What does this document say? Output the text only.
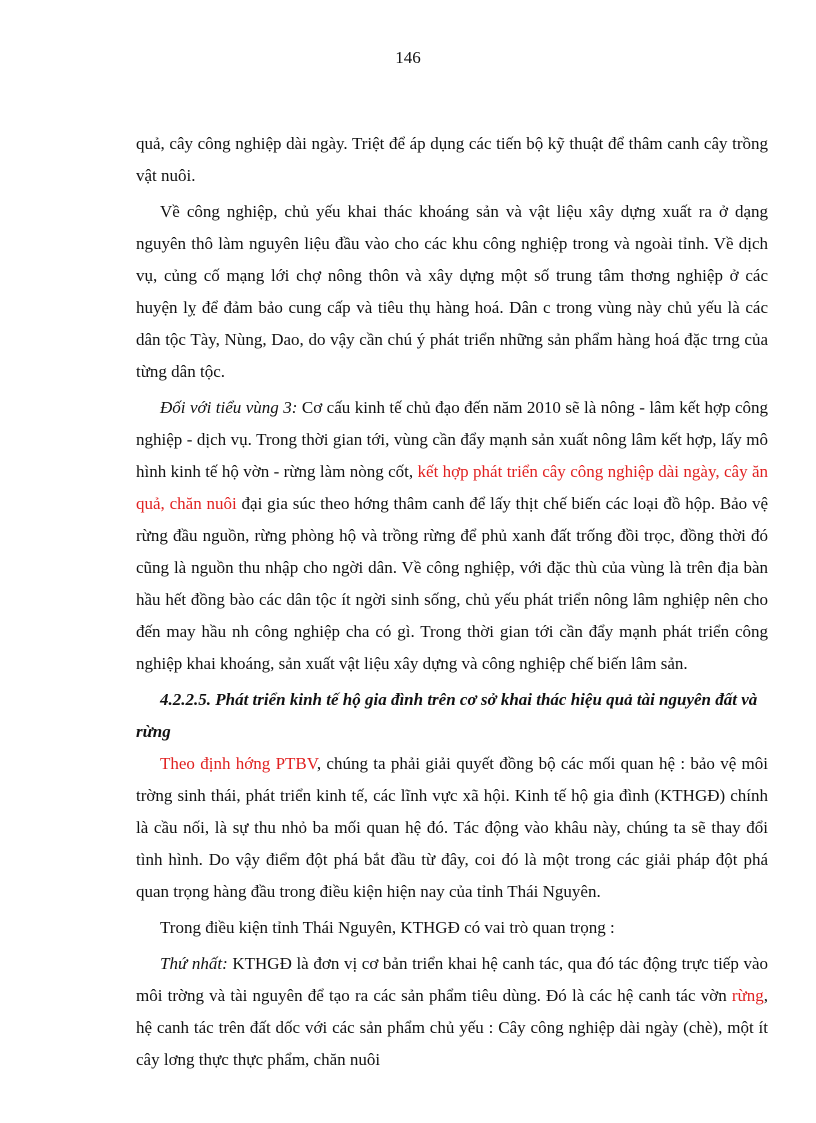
146

quả, cây công nghiệp dài ngày. Triệt để áp dụng các tiến bộ kỹ thuật để thâm canh cây trồng vật nuôi.

Về công nghiệp, chủ yếu khai thác khoáng sản và vật liệu xây dựng xuất ra ở dạng nguyên thô làm nguyên liệu đầu vào cho các khu công nghiệp trong và ngoài tỉnh. Về dịch vụ, củng cố mạng lới chợ nông thôn và xây dựng một số trung tâm thơng nghiệp ở các huyện lỵ để đảm bảo cung cấp và tiêu thụ hàng hoá. Dân c trong vùng này chủ yếu là các dân tộc Tày, Nùng, Dao, do vậy cần chú ý phát triển những sản phẩm hàng hoá đặc trng của từng dân tộc.

Đối với tiểu vùng 3: Cơ cấu kinh tế chủ đạo đến năm 2010 sẽ là nông - lâm kết hợp công nghiệp - dịch vụ. Trong thời gian tới, vùng cần đẩy mạnh sản xuất nông lâm kết hợp, lấy mô hình kinh tế hộ vờn - rừng làm nòng cốt, kết hợp phát triển cây công nghiệp dài ngày, cây ăn quả, chăn nuôi đại gia súc theo hớng thâm canh để lấy thịt chế biến các loại đồ hộp. Bảo vệ rừng đầu nguồn, rừng phòng hộ và trồng rừng để phủ xanh đất trống đồi trọc, đồng thời đó cũng là nguồn thu nhập cho ngời dân. Về công nghiệp, với đặc thù của vùng là trên địa bàn hầu hết đồng bào các dân tộc ít ngời sinh sống, chủ yếu phát triển nông lâm nghiệp nên cho đến may hầu nh công nghiệp cha có gì. Trong thời gian tới cần đẩy mạnh phát triển công nghiệp khai khoáng, sản xuất vật liệu xây dựng và công nghiệp chế biến lâm sản.

4.2.2.5. Phát triển kinh tế hộ gia đình trên cơ sở khai thác hiệu quả tài nguyên đất và rừng

Theo định hớng PTBV, chúng ta phải giải quyết đồng bộ các mối quan hệ : bảo vệ môi trờng sinh thái, phát triển kinh tế, các lĩnh vực xã hội. Kinh tế hộ gia đình (KTHGĐ) chính là cầu nối, là sự thu nhỏ ba mối quan hệ đó. Tác động vào khâu này, chúng ta sẽ thay đổi tình hình. Do vậy điểm đột phá bắt đầu từ đây, coi đó là một trong các giải pháp đột phá quan trọng hàng đầu trong điều kiện hiện nay của tỉnh Thái Nguyên.

Trong điều kiện tỉnh Thái Nguyên, KTHGĐ có vai trò quan trọng :

Thứ nhất: KTHGĐ là đơn vị cơ bản triển khai hệ canh tác, qua đó tác động trực tiếp vào môi trờng và tài nguyên để tạo ra các sản phẩm tiêu dùng. Đó là các hệ canh tác vờn rừng, hệ canh tác trên đất dốc với các sản phẩm chủ yếu : Cây công nghiệp dài ngày (chè), một ít cây lơng thực thực phẩm, chăn nuôi
